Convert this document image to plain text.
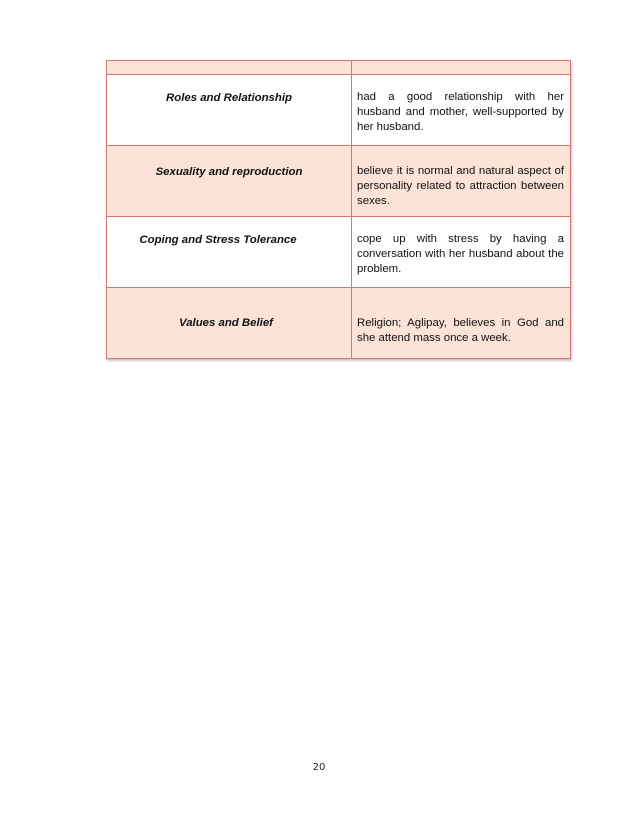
Roles and Relationship	had a good relationship with her husband and mother, well-supported by her husband.

Sexuality and reproduction	believe it is normal and natural aspect of personality related to attraction between sexes.

Coping and Stress Tolerance	cope up with stress by having a conversation with her husband about the problem.

Values and Belief	Religion; Aglipay, believes in God and she attend mass once a week.
20
